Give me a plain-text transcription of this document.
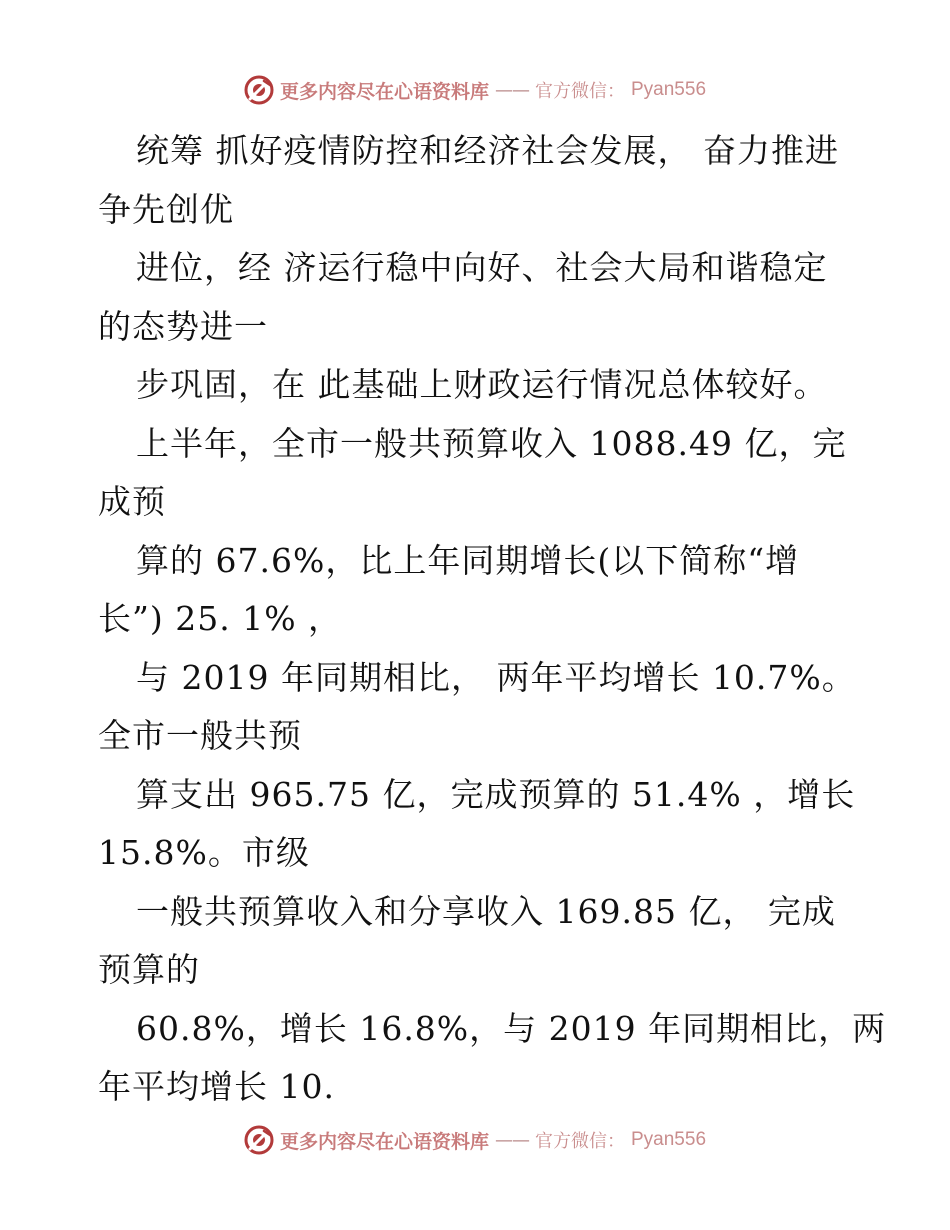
更多内容尽在心语资料库 —— 官方微信： Pyan556
统筹 抓好疫情防控和经济社会发展， 奋力推进
争先创优
进位，经 济运行稳中向好、社会大局和谐稳定
的态势进一
步巩固，在 此基础上财政运行情况总体较好。
上半年，全市一般共预算收入 1088.49 亿，完
成预
算的 67.6%，比上年同期增长(以下简称“增
长”) 25. 1% ，
与 2019 年同期相比， 两年平均增长 10.7%。
全市一般共预
算支出 965.75 亿，完成预算的 51.4% ，增长
15.8%。市级
一般共预算收入和分享收入 169.85 亿， 完成
预算的
60.8%，增长 16.8%，与 2019 年同期相比，两
年平均增长 10.
更多内容尽在心语资料库 —— 官方微信： Pyan556
